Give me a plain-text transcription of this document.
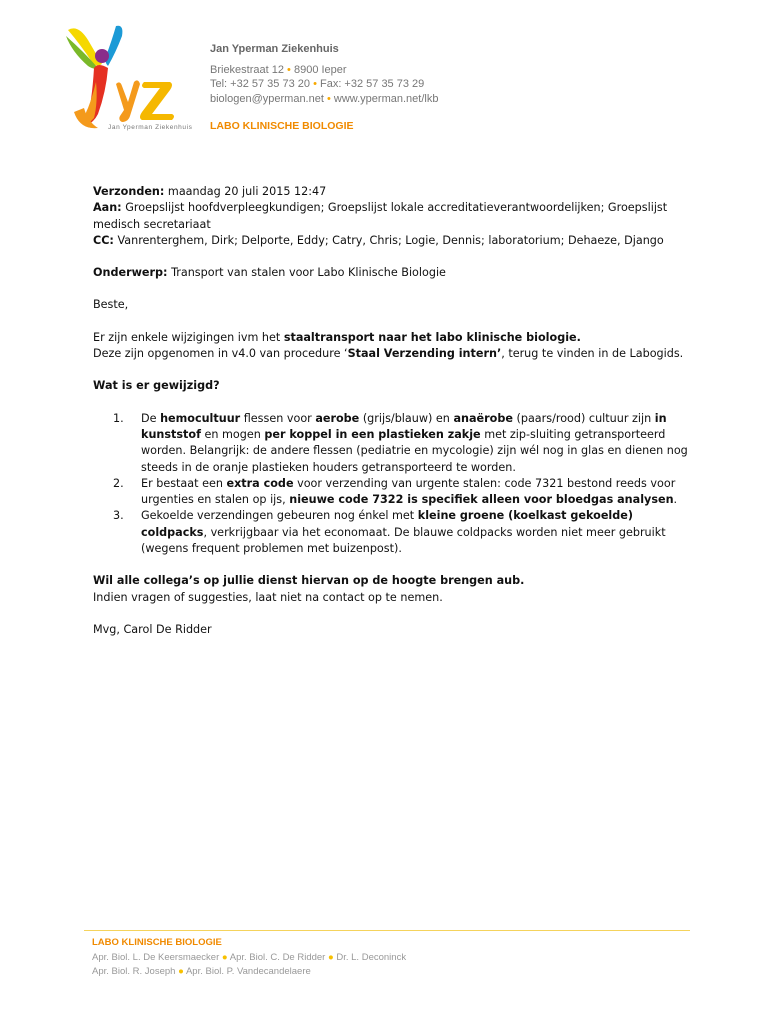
Jan Yperman Ziekenhuis
Jan Yperman Ziekenhuis
Briekestraat 12 • 8900 Ieper
Tel: +32 57 35 73 20 • Fax: +32 57 35 73 29
biologen@yperman.net • www.yperman.net/lkb
LABO KLINISCHE BIOLOGIE

Verzonden: maandag 20 juli 2015 12:47

Aan: Groepslijst hoofdverpleegkundigen; Groepslijst lokale accreditatieverantwoordelijken; Groepslijst medisch secretariaat

CC: Vanrenterghem, Dirk; Delporte, Eddy; Catry, Chris; Logie, Dennis; laboratorium; Dehaeze, Django

Onderwerp: Transport van stalen voor Labo Klinische Biologie

Beste,

Er zijn enkele wijzigingen ivm het staaltransport naar het labo klinische biologie.

Deze zijn opgenomen in v4.0 van procedure ‘Staal Verzending intern’, terug te vinden in de Labogids.

Wat is er gewijzigd?

1. De hemocultuur flessen voor aerobe (grijs/blauw) en anaërobe (paars/rood) cultuur zijn in kunststof en mogen per koppel in een plastieken zakje met zip-sluiting getransporteerd worden. Belangrijk: de andere flessen (pediatrie en mycologie) zijn wél nog in glas en dienen nog steeds in de oranje plastieken houders getransporteerd te worden.
2. Er bestaat een extra code voor verzending van urgente stalen: code 7321 bestond reeds voor urgenties en stalen op ijs, nieuwe code 7322 is specifiek alleen voor bloedgas analysen.
3. Gekoelde verzendingen gebeuren nog énkel met kleine groene (koelkast gekoelde) coldpacks, verkrijgbaar via het economaat. De blauwe coldpacks worden niet meer gebruikt (wegens frequent problemen met buizenpost).

Wil alle collega’s op jullie dienst hiervan op de hoogte brengen aub.

Indien vragen of suggesties, laat niet na contact op te nemen.

Mvg, Carol De Ridder

LABO KLINISCHE BIOLOGIE
Apr. Biol. L. De Keersmaecker ● Apr. Biol. C. De Ridder ● Dr. L. Deconinck
Apr. Biol. R. Joseph ● Apr. Biol. P. Vandecandelaere
